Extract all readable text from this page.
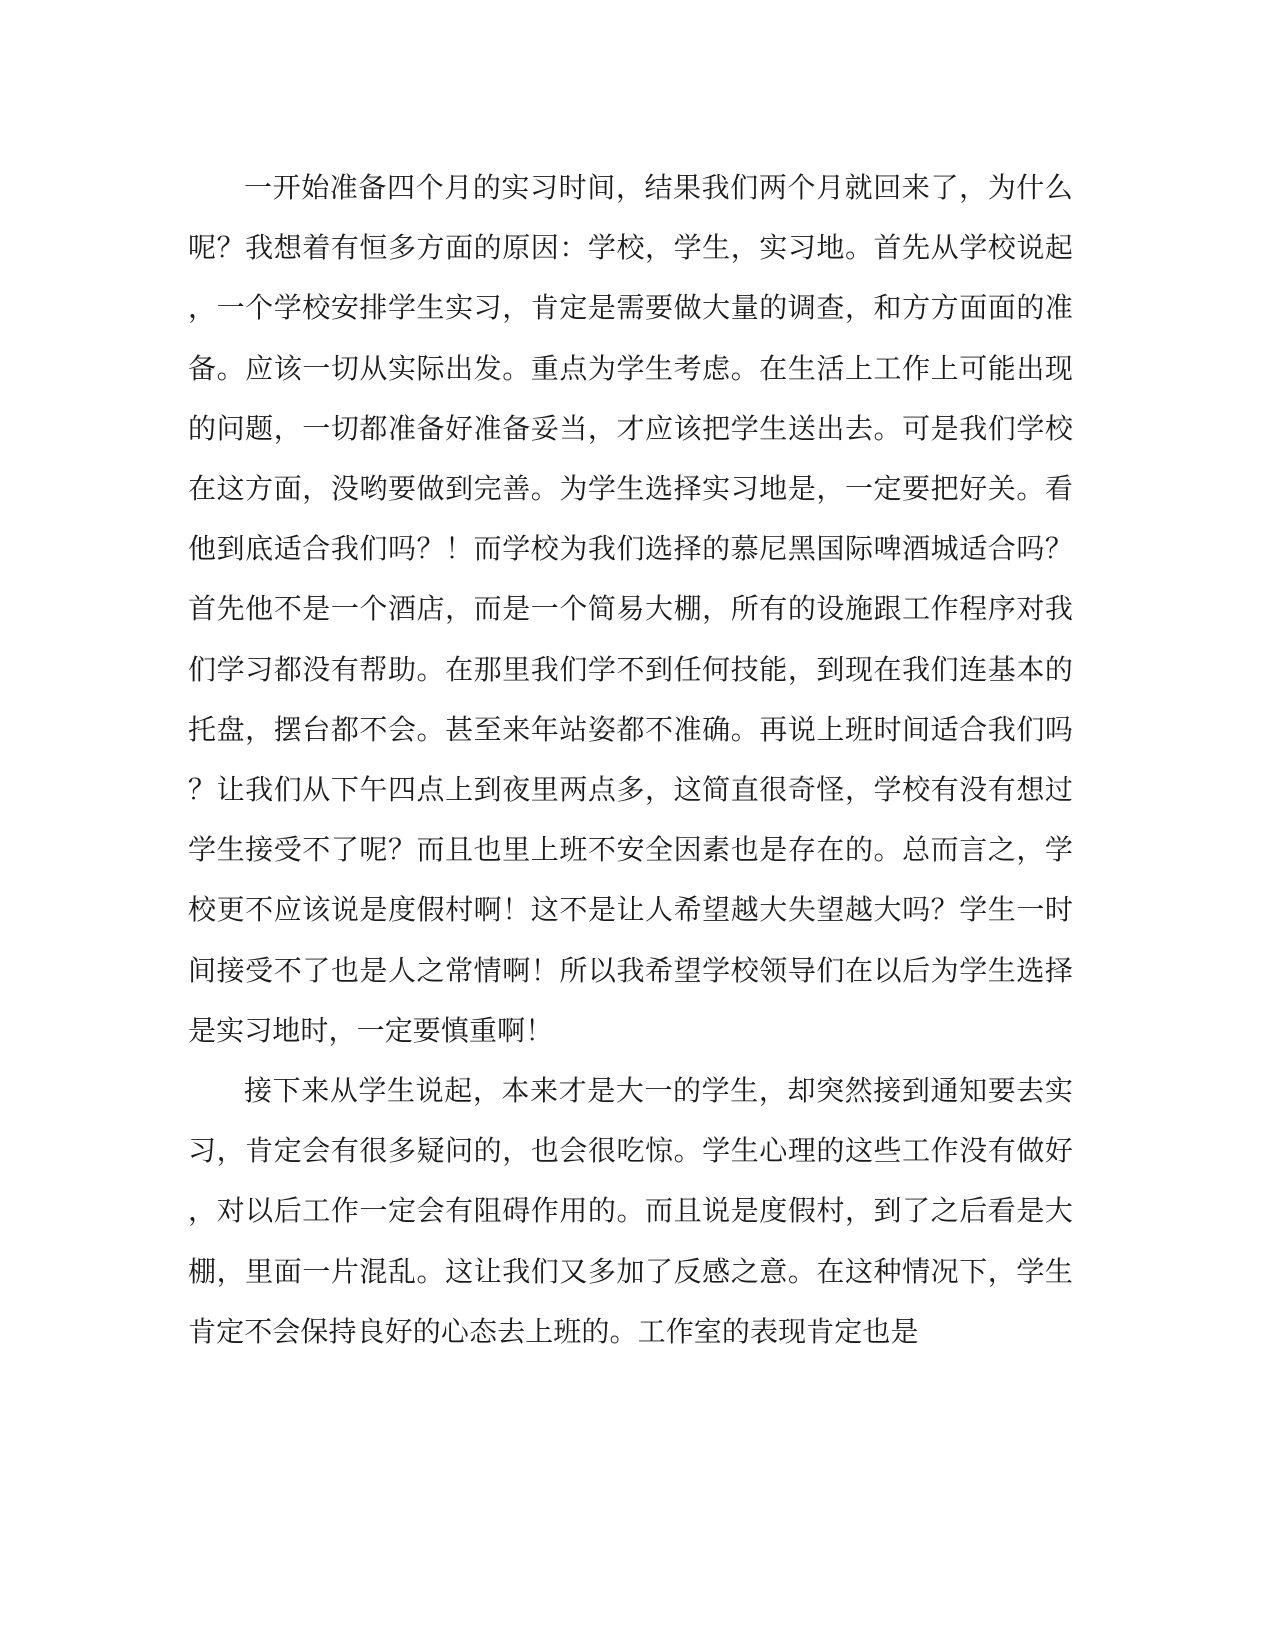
一开始准备四个月的实习时间，结果我们两个月就回来了，为什么呢？我想着有恒多方面的原因：学校，学生，实习地。首先从学校说起，一个学校安排学生实习，肯定是需要做大量的调查，和方方面面的准备。应该一切从实际出发。重点为学生考虑。在生活上工作上可能出现的问题，一切都准备好准备妥当，才应该把学生送出去。可是我们学校在这方面，没哟要做到完善。为学生选择实习地是，一定要把好关。看他到底适合我们吗？！而学校为我们选择的慕尼黑国际啤酒城适合吗？首先他不是一个酒店，而是一个简易大棚，所有的设施跟工作程序对我们学习都没有帮助。在那里我们学不到任何技能，到现在我们连基本的托盘，摆台都不会。甚至来年站姿都不准确。再说上班时间适合我们吗？让我们从下午四点上到夜里两点多，这简直很奇怪，学校有没有想过学生接受不了呢？而且也里上班不安全因素也是存在的。总而言之，学校更不应该说是度假村啊！这不是让人希望越大失望越大吗？学生一时间接受不了也是人之常情啊！所以我希望学校领导们在以后为学生选择是实习地时，一定要慎重啊！

接下来从学生说起，本来才是大一的学生，却突然接到通知要去实习，肯定会有很多疑问的，也会很吃惊。学生心理的这些工作没有做好，对以后工作一定会有阻碍作用的。而且说是度假村，到了之后看是大棚，里面一片混乱。这让我们又多加了反感之意。在这种情况下，学生肯定不会保持良好的心态去上班的。工作室的表现肯定也是
